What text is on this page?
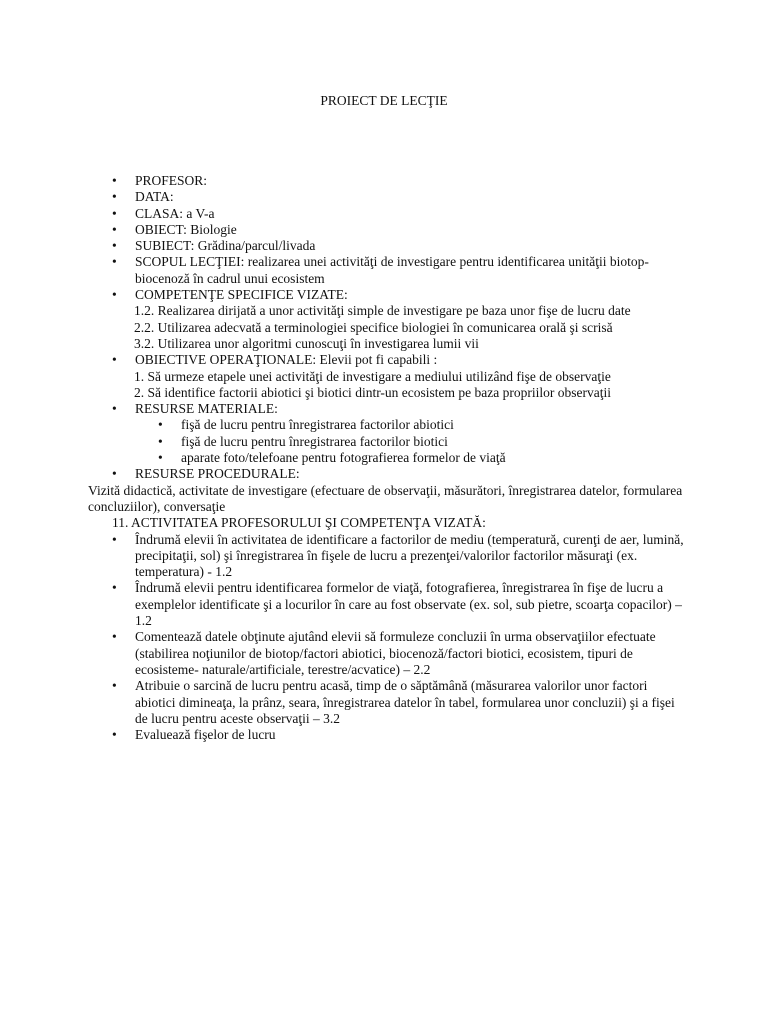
PROIECT DE LECŢIE
• PROFESOR:
• DATA:
• CLASA: a V-a
• OBIECT: Biologie
• SUBIECT: Grădina/parcul/livada
• SCOPUL LECŢIEI: realizarea unei activităţi de investigare pentru identificarea unităţii biotop-biocenoză în cadrul unui ecosistem
• COMPETENŢE SPECIFICE VIZATE:
1.2. Realizarea dirijată a unor activităţi simple de investigare pe baza unor fişe de lucru date
2.2. Utilizarea adecvată a terminologiei specifice biologiei în comunicarea orală şi scrisă
3.2. Utilizarea unor algoritmi cunoscuţi în investigarea lumii vii
• OBIECTIVE OPERAŢIONALE: Elevii pot fi capabili :
1. Să urmeze etapele unei activităţi de investigare a mediului utilizând fişe de observaţie
2. Să identifice factorii abiotici şi biotici dintr-un ecosistem pe baza propriilor observaţii
• RESURSE MATERIALE:
• fişă de lucru pentru înregistrarea factorilor abiotici
• fişă de lucru pentru înregistrarea factorilor biotici
• aparate foto/telefoane pentru fotografierea formelor de viaţă
• RESURSE PROCEDURALE:
Vizită didactică, activitate de investigare (efectuare de observaţii, măsurători, înregistrarea datelor, formularea concluziilor), conversaţie
11. ACTIVITATEA PROFESORULUI ŞI COMPETENŢA VIZATĂ:
• Îndrumă elevii în activitatea de identificare a factorilor de mediu (temperatură, curenţi de aer, lumină, precipitaţii, sol) şi înregistrarea în fişele de lucru a prezenţei/valorilor factorilor măsuraţi (ex. temperatura) - 1.2
• Îndrumă elevii pentru identificarea formelor de viaţă, fotografierea, înregistrarea în fişe de lucru a exemplelor identificate şi a locurilor în care au fost observate (ex. sol, sub pietre, scoarţa copacilor) – 1.2
• Comentează datele obţinute ajutând elevii să formuleze concluzii în urma observaţiilor efectuate (stabilirea noţiunilor de biotop/factori abiotici, biocenoză/factori biotici, ecosistem, tipuri de ecosisteme- naturale/artificiale, terestre/acvatice) – 2.2
• Atribuie o sarcină de lucru pentru acasă, timp de o săptămână (măsurarea valorilor unor factori abiotici dimineaţa, la prânz, seara, înregistrarea datelor în tabel, formularea unor concluzii) şi a fişei de lucru pentru aceste observaţii – 3.2
• Evaluează fişelor de lucru
